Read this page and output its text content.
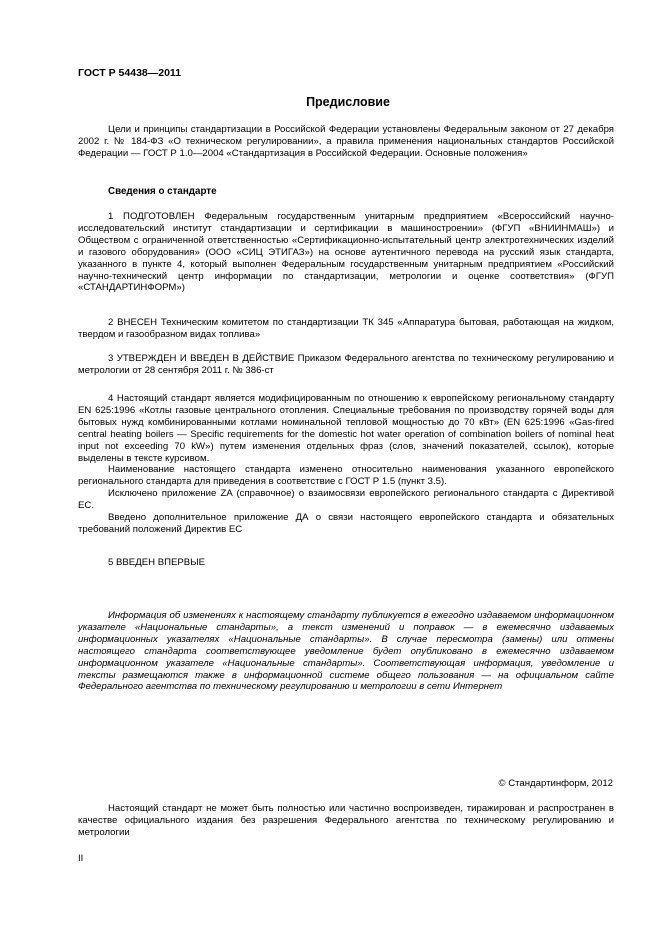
ГОСТ Р 54438—2011
Предисловие

Цели и принципы стандартизации в Российской Федерации установлены Федеральным законом от 27 декабря 2002 г. № 184-ФЗ «О техническом регулировании», а правила применения национальных стандартов Российской Федерации — ГОСТ Р 1.0—2004 «Стандартизация в Российской Федерации. Основные положения»

Сведения о стандарте

1 ПОДГОТОВЛЕН Федеральным государственным унитарным предприятием «Всероссийский научно-исследовательский институт стандартизации и сертификации в машиностроении» (ФГУП «ВНИИНМАШ») и Обществом с ограниченной ответственностью «Сертификационно-испытательный центр электротехнических изделий и газового оборудования» (ООО «СИЦ ЭТИГАЗ») на основе аутентичного перевода на русский язык стандарта, указанного в пункте 4, который выполнен Федеральным государственным унитарным предприятием «Российский научно-технический центр информации по стандартизации, метрологии и оценке соответствия» (ФГУП «СТАНДАРТИНФОРМ»)

2 ВНЕСЕН Техническим комитетом по стандартизации ТК 345 «Аппаратура бытовая, работающая на жидком, твердом и газообразном видах топлива»

3 УТВЕРЖДЕН И ВВЕДЕН В ДЕЙСТВИЕ Приказом Федерального агентства по техническому регулированию и метрологии от 28 сентября 2011 г. № 386-ст

4 Настоящий стандарт является модифицированным по отношению к европейскому региональному стандарту EN 625:1996 «Котлы газовые центрального отопления. Специальные требования по производству горячей воды для бытовых нужд комбинированными котлами номинальной тепловой мощностью до 70 кВт» (EN 625:1996 «Gas-fired central heating boilers — Specific requirements for the domestic hot water operation of combination boilers of nominal heat input not exceeding 70 kW») путем изменения отдельных фраз (слов, значений показателей, ссылок), которые выделены в тексте курсивом.

Наименование настоящего стандарта изменено относительно наименования указанного европейского регионального стандарта для приведения в соответствие с ГОСТ Р 1.5 (пункт 3.5).

Исключено приложение ZA (справочное) о взаимосвязи европейского регионального стандарта с Директивой ЕС.

Введено дополнительное приложение ДА о связи настоящего европейского стандарта и обязательных требований положений Директив ЕС

5 ВВЕДЕН ВПЕРВЫЕ

Информация об изменениях к настоящему стандарту публикуется в ежегодно издаваемом информационном указателе «Национальные стандарты», а текст изменений и поправок — в ежемесячно издаваемых информационных указателях «Национальные стандарты». В случае пересмотра (замены) или отмены настоящего стандарта соответствующее уведомление будет опубликовано в ежемесячно издаваемом информационном указателе «Национальные стандарты». Соответствующая информация, уведомление и тексты размещаются также в информационной системе общего пользования — на официальном сайте Федерального агентства по техническому регулированию и метрологии в сети Интернет

© Стандартинформ, 2012

Настоящий стандарт не может быть полностью или частично воспроизведен, тиражирован и распространен в качестве официального издания без разрешения Федерального агентства по техническому регулированию и метрологии

II
